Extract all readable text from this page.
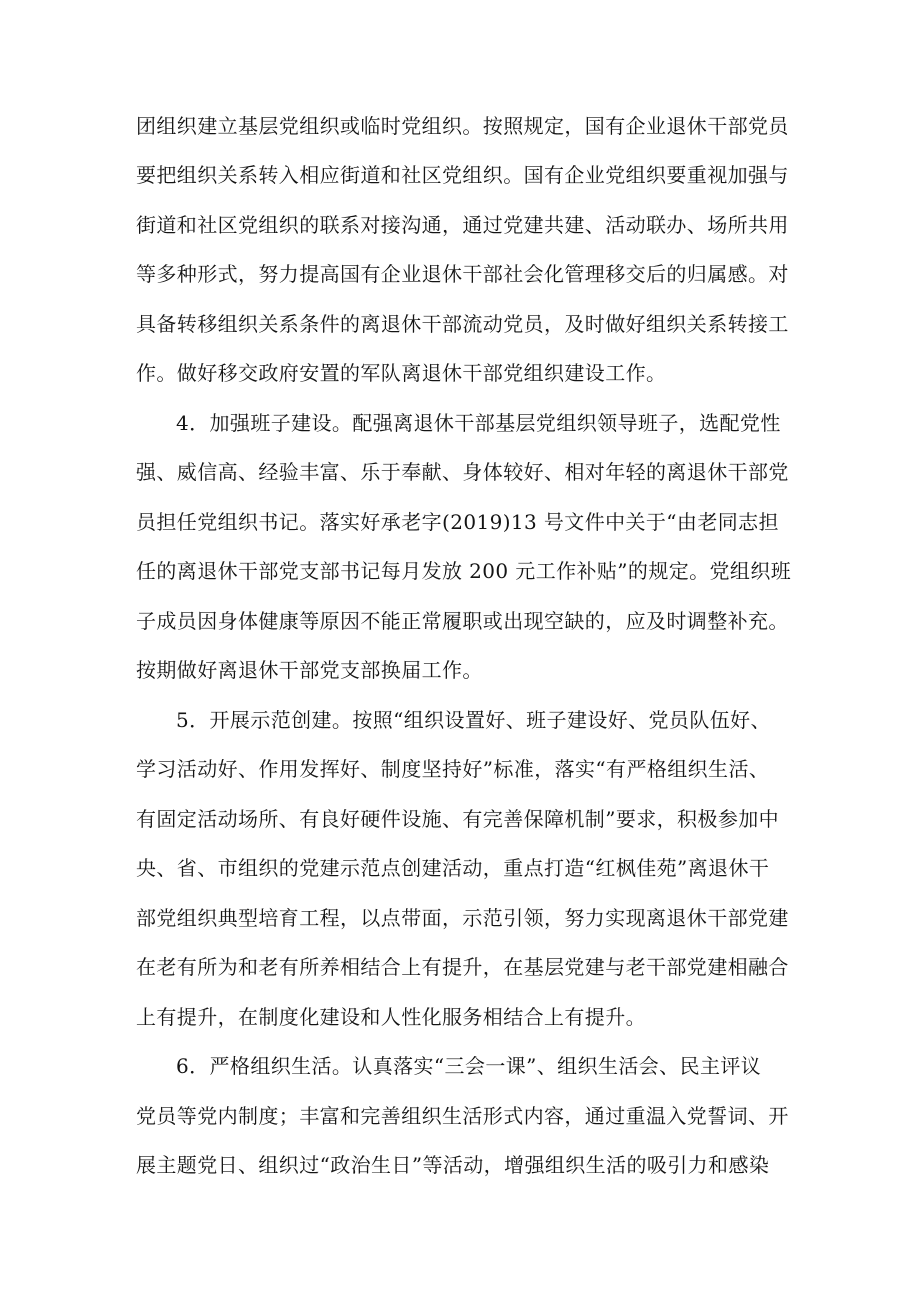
团组织建立基层党组织或临时党组织。按照规定，国有企业退休干部党员
要把组织关系转入相应街道和社区党组织。国有企业党组织要重视加强与
街道和社区党组织的联系对接沟通，通过党建共建、活动联办、场所共用
等多种形式，努力提高国有企业退休干部社会化管理移交后的归属感。对
具备转移组织关系条件的离退休干部流动党员，及时做好组织关系转接工
作。做好移交政府安置的军队离退休干部党组织建设工作。
4．加强班子建设。配强离退休干部基层党组织领导班子，选配党性
强、威信高、经验丰富、乐于奉献、身体较好、相对年轻的离退休干部党
员担任党组织书记。落实好承老字(2019)13 号文件中关于“由老同志担
任的离退休干部党支部书记每月发放 200 元工作补贴”的规定。党组织班
子成员因身体健康等原因不能正常履职或出现空缺的，应及时调整补充。
按期做好离退休干部党支部换届工作。
5．开展示范创建。按照“组织设置好、班子建设好、党员队伍好、
学习活动好、作用发挥好、制度坚持好”标准，落实“有严格组织生活、
有固定活动场所、有良好硬件设施、有完善保障机制”要求，积极参加中
央、省、市组织的党建示范点创建活动，重点打造“红枫佳苑”离退休干
部党组织典型培育工程，以点带面，示范引领，努力实现离退休干部党建
在老有所为和老有所养相结合上有提升，在基层党建与老干部党建相融合
上有提升，在制度化建设和人性化服务相结合上有提升。
6．严格组织生活。认真落实“三会一课”、组织生活会、民主评议
党员等党内制度；丰富和完善组织生活形式内容，通过重温入党誓词、开
展主题党日、组织过“政治生日”等活动，增强组织生活的吸引力和感染
